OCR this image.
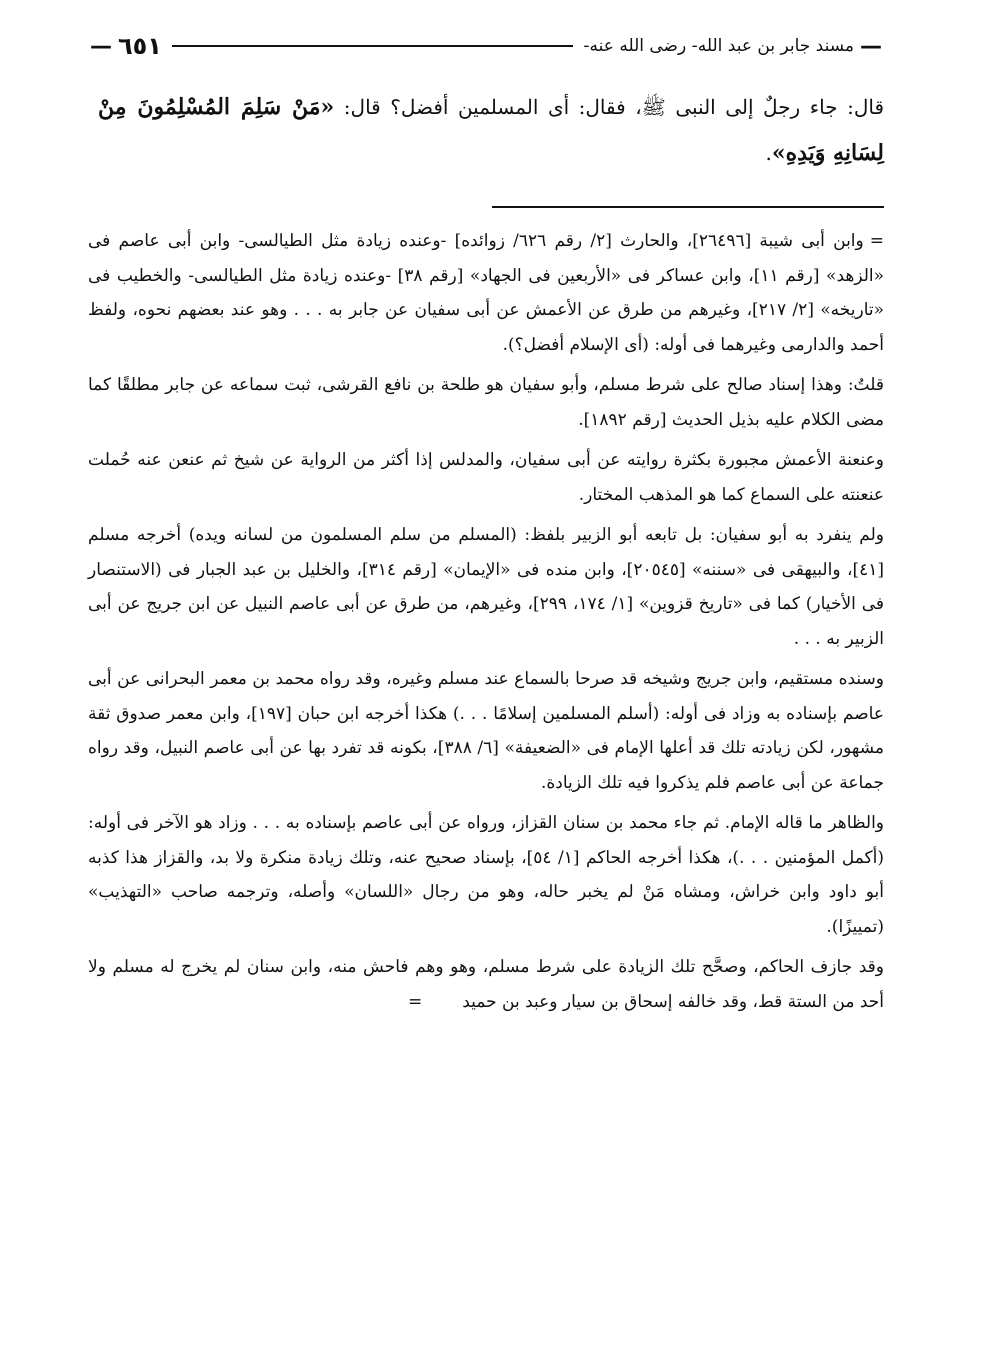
—
مسند جابر بن عبد الله- رضى الله عنه-
٦٥١
—
قال: جاء رجلٌ إلى النبى ﷺ، فقال: أى المسلمين أفضل؟ قال: «مَنْ سَلِمَ المُسْلِمُونَ مِنْ لِسَانِهِ وَيَدِهِ».

=وابن أبى شيبة [٢٦٤٩٦]، والحارث [٢/ رقم ٦٢٦/ زوائده] -وعنده زيادة مثل الطيالسى- وابن أبى عاصم فى «الزهد» [رقم ١١]، وابن عساكر فى «الأربعين فى الجهاد» [رقم ٣٨] -وعنده زيادة مثل الطيالسى- والخطيب فى «تاريخه» [٢/ ٢١٧]، وغيرهم من طرق عن الأعمش عن أبى سفيان عن جابر به . . . وهو عند بعضهم نحوه، ولفظ أحمد والدارمى وغيرهما فى أوله: (أى الإسلام أفضل؟).

قلتُ: وهذا إسناد صالح على شرط مسلم، وأبو سفيان هو طلحة بن نافع القرشى، ثبت سماعه عن جابر مطلقًا كما مضى الكلام عليه بذيل الحديث [رقم ١٨٩٢].

وعنعنة الأعمش مجبورة بكثرة روايته عن أبى سفيان، والمدلس إذا أكثر من الرواية عن شيخ ثم عنعن عنه حُملت عنعنته على السماع كما هو المذهب المختار.

ولم ينفرد به أبو سفيان: بل تابعه أبو الزبير بلفظ: (المسلم من سلم المسلمون من لسانه ويده) أخرجه مسلم [٤١]، والبيهقى فى «سننه» [٢٠٥٤٥]، وابن منده فى «الإيمان» [رقم ٣١٤]، والخليل بن عبد الجبار فى (الاستنصار فى الأخيار) كما فى «تاريخ قزوين» [١/ ١٧٤، ٢٩٩]، وغيرهم، من طرق عن أبى عاصم النبيل عن ابن جريج عن أبى الزبير به . . .

وسنده مستقيم، وابن جريج وشيخه قد صرحا بالسماع عند مسلم وغيره، وقد رواه محمد بن معمر البحرانى عن أبى عاصم بإسناده به وزاد فى أوله: (أسلم المسلمين إسلامًا . . .) هكذا أخرجه ابن حبان [١٩٧]، وابن معمر صدوق ثقة مشهور، لكن زيادته تلك قد أعلها الإمام فى «الضعيفة» [٦/ ٣٨٨]، بكونه قد تفرد بها عن أبى عاصم النبيل، وقد رواه جماعة عن أبى عاصم فلم يذكروا فيه تلك الزيادة.

والظاهر ما قاله الإمام. ثم جاء محمد بن سنان القزاز، ورواه عن أبى عاصم بإسناده به . . . وزاد هو الآخر فى أوله: (أكمل المؤمنين . . .)، هكذا أخرجه الحاكم [١/ ٥٤]، بإسناد صحيح عنه، وتلك زيادة منكرة ولا بد، والقزاز هذا كذبه أبو داود وابن خراش، ومشاه مَنْ لم يخبر حاله، وهو من رجال «اللسان» وأصله، وترجمه صاحب «التهذيب» (تمييزًا).

وقد جازف الحاكم، وصحَّح تلك الزيادة على شرط مسلم، وهو وهم فاحش منه، وابن سنان لم يخرج له مسلم ولا أحد من الستة قط، وقد خالفه إسحاق بن سيار وعبد بن حميد=
